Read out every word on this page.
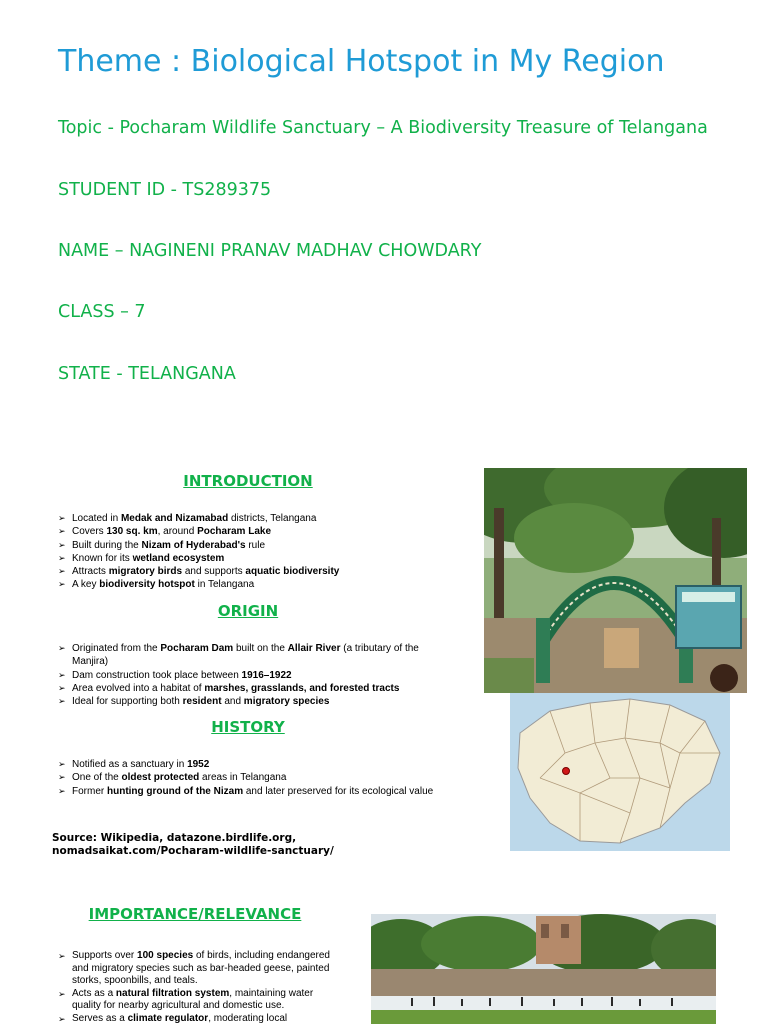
Theme : Biological Hotspot in My Region
Topic - Pocharam Wildlife Sanctuary – A Biodiversity Treasure of Telangana
STUDENT ID - TS289375
NAME – NAGINENI PRANAV MADHAV CHOWDARY
CLASS – 7
STATE - TELANGANA
INTRODUCTION
➢ Located in Medak and Nizamabad districts, Telangana
➢ Covers 130 sq. km, around Pocharam Lake
➢ Built during the Nizam of Hyderabad's rule
➢ Known for its wetland ecosystem
➢ Attracts migratory birds and supports aquatic biodiversity
➢ A key biodiversity hotspot in Telangana
ORIGIN
➢ Originated from the Pocharam Dam built on the Allair River (a tributary of the Manjira)
➢ Dam construction took place between 1916–1922
➢ Area evolved into a habitat of marshes, grasslands, and forested tracts
➢ Ideal for supporting both resident and migratory species
HISTORY
➢ Notified as a sanctuary in 1952
➢ One of the oldest protected areas in Telangana
➢ Former hunting ground of the Nizam and later preserved for its ecological value
Source: Wikipedia, datazone.birdlife.org,
nomadsaikat.com/Pocharam-wildlife-sanctuary/
IMPORTANCE/RELEVANCE
➢ Supports over 100 species of birds, including endangered and migratory species such as bar-headed geese, painted storks, spoonbills, and teals.
➢ Acts as a natural filtration system, maintaining water quality for nearby agricultural and domestic use.
➢ Serves as a climate regulator, moderating local
